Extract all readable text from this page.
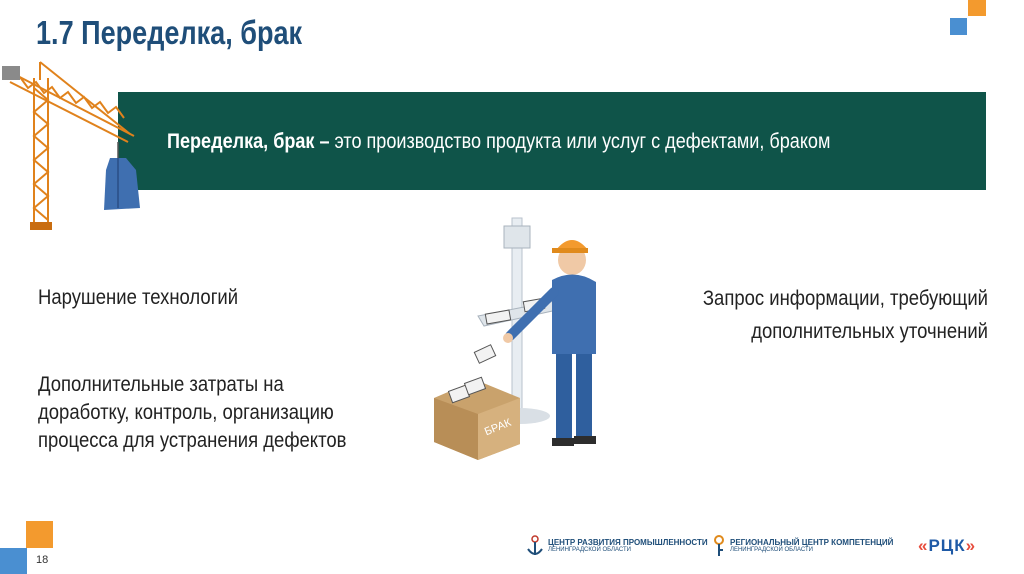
1.7 Переделка, брак
Переделка, брак – это производство продукта или услуг с дефектами, браком
Нарушение технологий
Дополнительные затраты на
доработку, контроль, организацию
процесса для устранения дефектов
Запрос информации, требующий
дополнительных уточнений
БРАК
18
ЦЕНТР РАЗВИТИЯ ПРОМЫШЛЕННОСТИ
ЛЕНИНГРАДСКОЙ ОБЛАСТИ
РЕГИОНАЛЬНЫЙ ЦЕНТР КОМПЕТЕНЦИЙ
ЛЕНИНГРАДСКОЙ ОБЛАСТИ	«РЦК»
